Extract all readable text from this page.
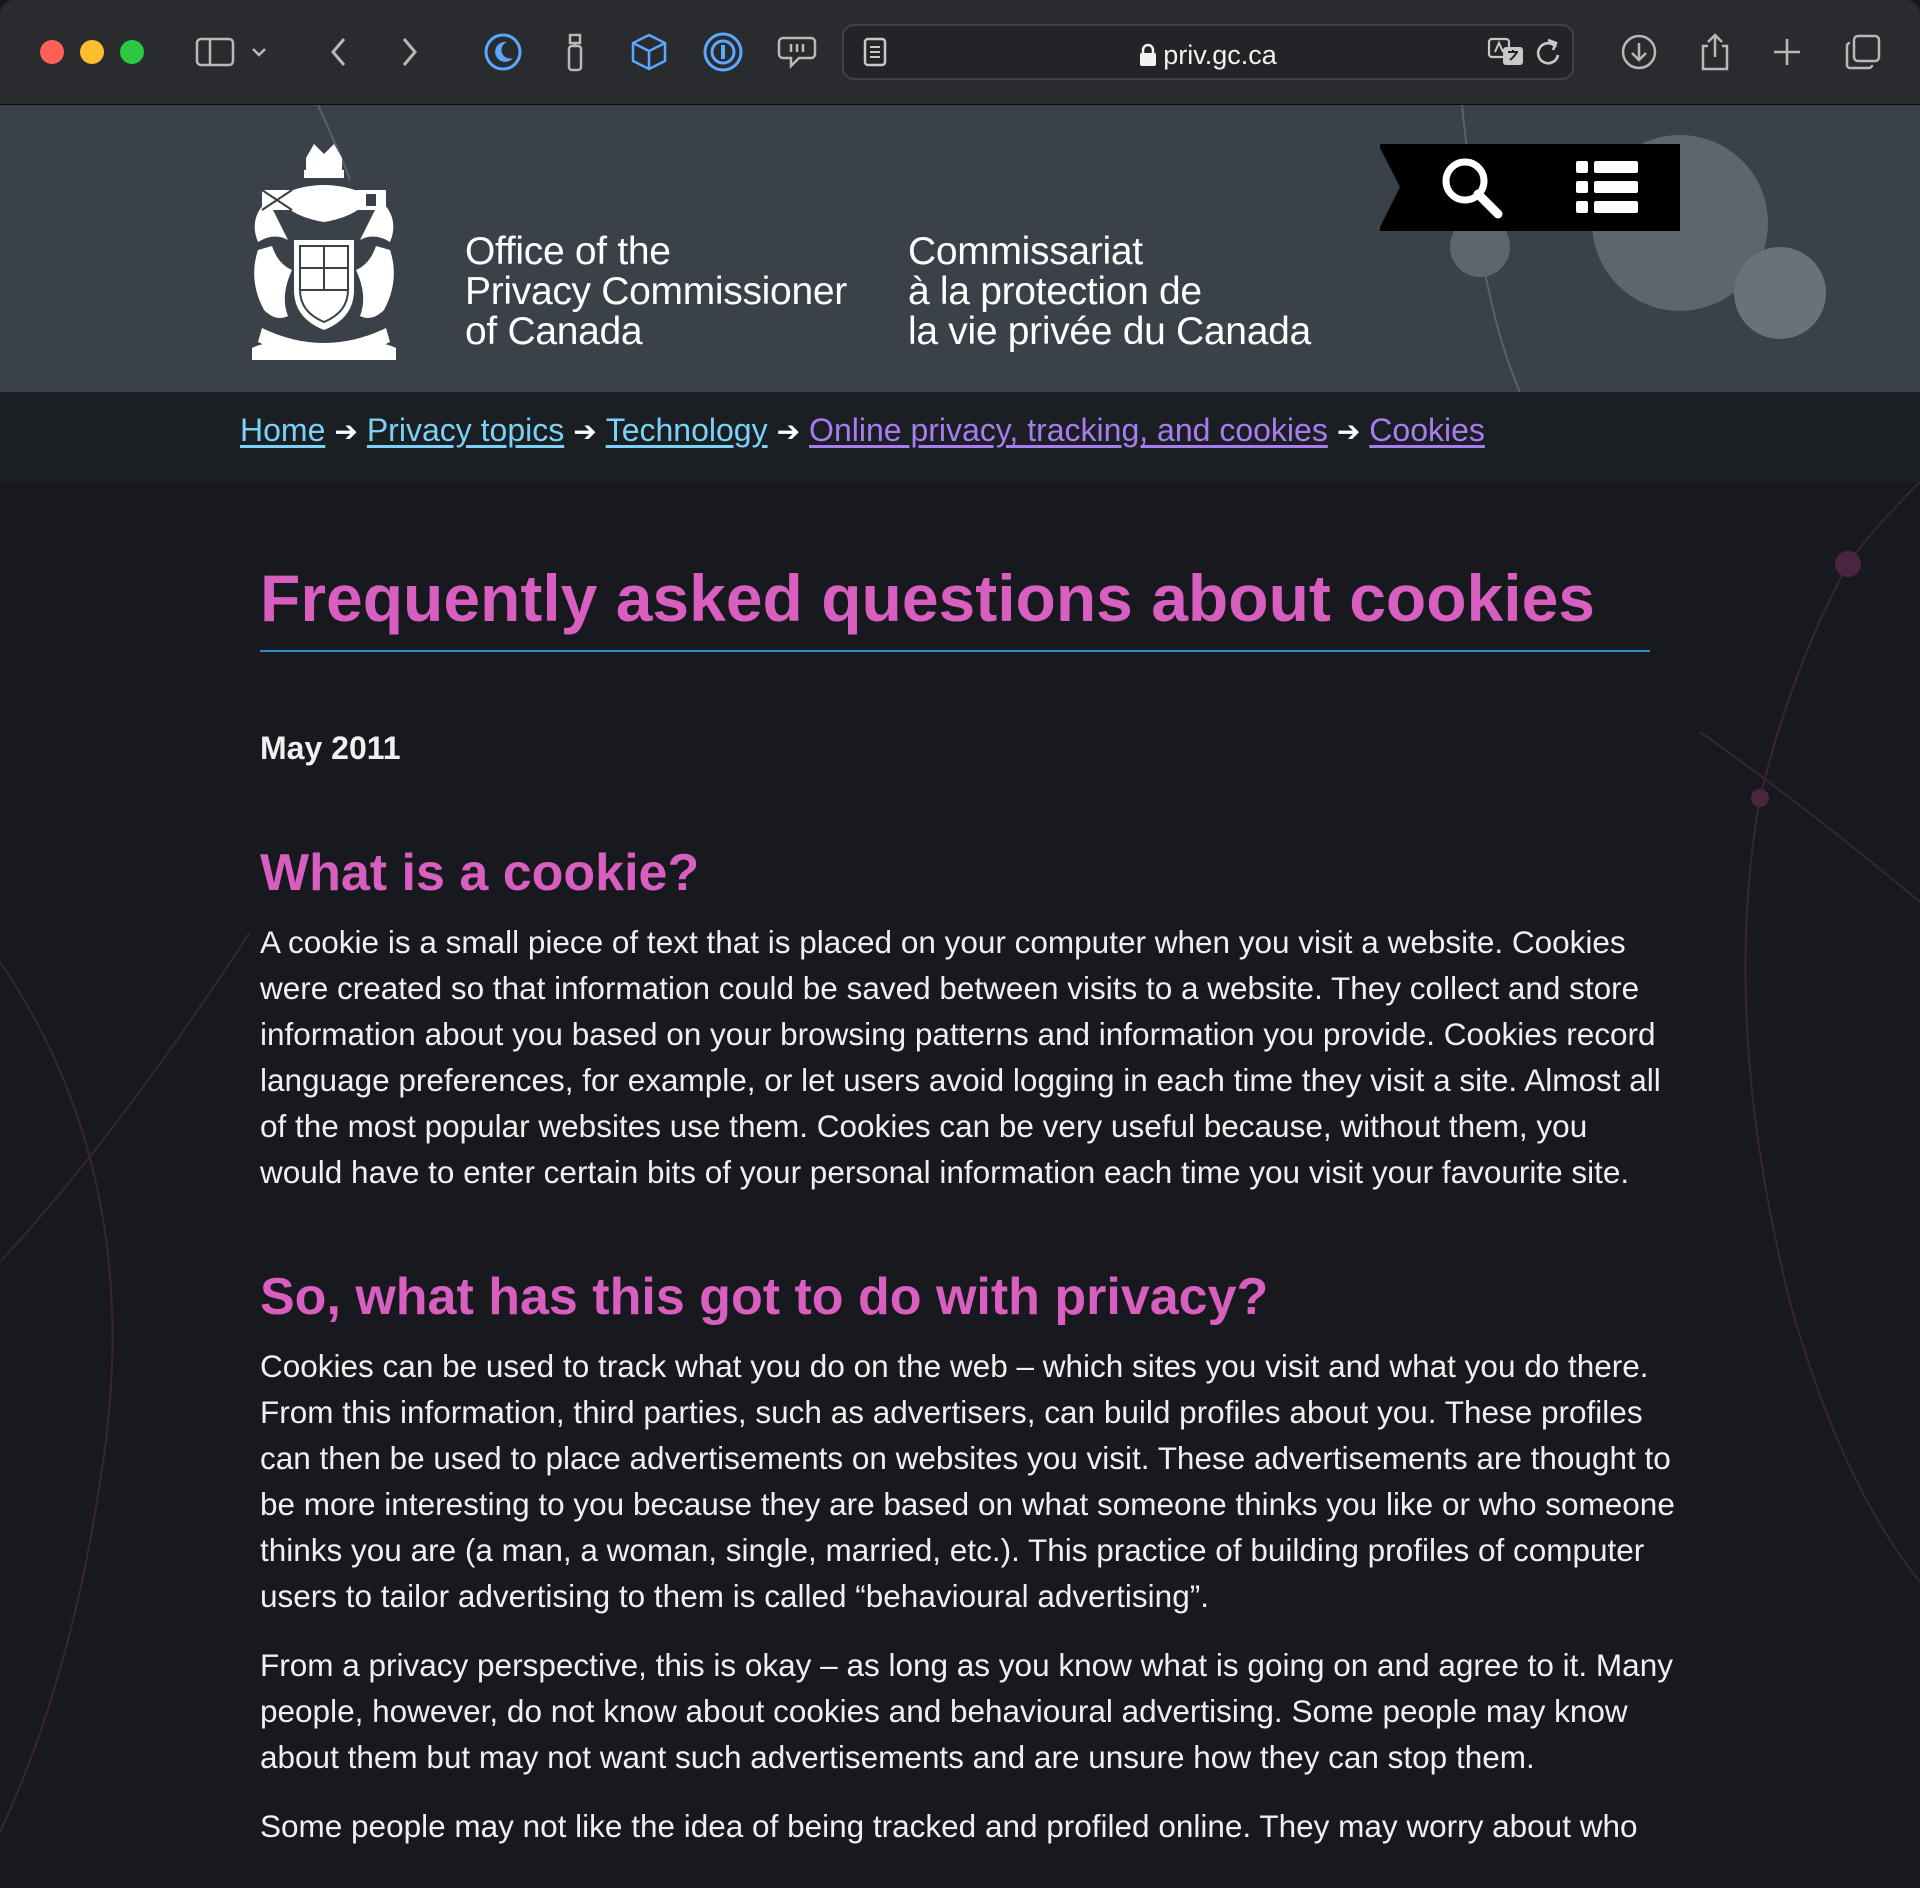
priv.gc.ca
Office of the
Privacy Commissioner
of Canada
Commissariat
à la protection de
la vie privée du Canada
Home ➔ Privacy topics ➔ Technology ➔ Online privacy, tracking, and cookies ➔ Cookies
Frequently asked questions about cookies

May 2011

What is a cookie?

A cookie is a small piece of text that is placed on your computer when you visit a website. Cookies were created so that information could be saved between visits to a website. They collect and store information about you based on your browsing patterns and information you provide. Cookies record language preferences, for example, or let users avoid logging in each time they visit a site. Almost all of the most popular websites use them. Cookies can be very useful because, without them, you would have to enter certain bits of your personal information each time you visit your favourite site.

So, what has this got to do with privacy?

Cookies can be used to track what you do on the web – which sites you visit and what you do there. From this information, third parties, such as advertisers, can build profiles about you. These profiles can then be used to place advertisements on websites you visit. These advertisements are thought to be more interesting to you because they are based on what someone thinks you like or who someone thinks you are (a man, a woman, single, married, etc.). This practice of building profiles of computer users to tailor advertising to them is called “behavioural advertising”.

From a privacy perspective, this is okay – as long as you know what is going on and agree to it. Many people, however, do not know about cookies and behavioural advertising. Some people may know about them but may not want such advertisements and are unsure how they can stop them.

Some people may not like the idea of being tracked and profiled online. They may worry about who
